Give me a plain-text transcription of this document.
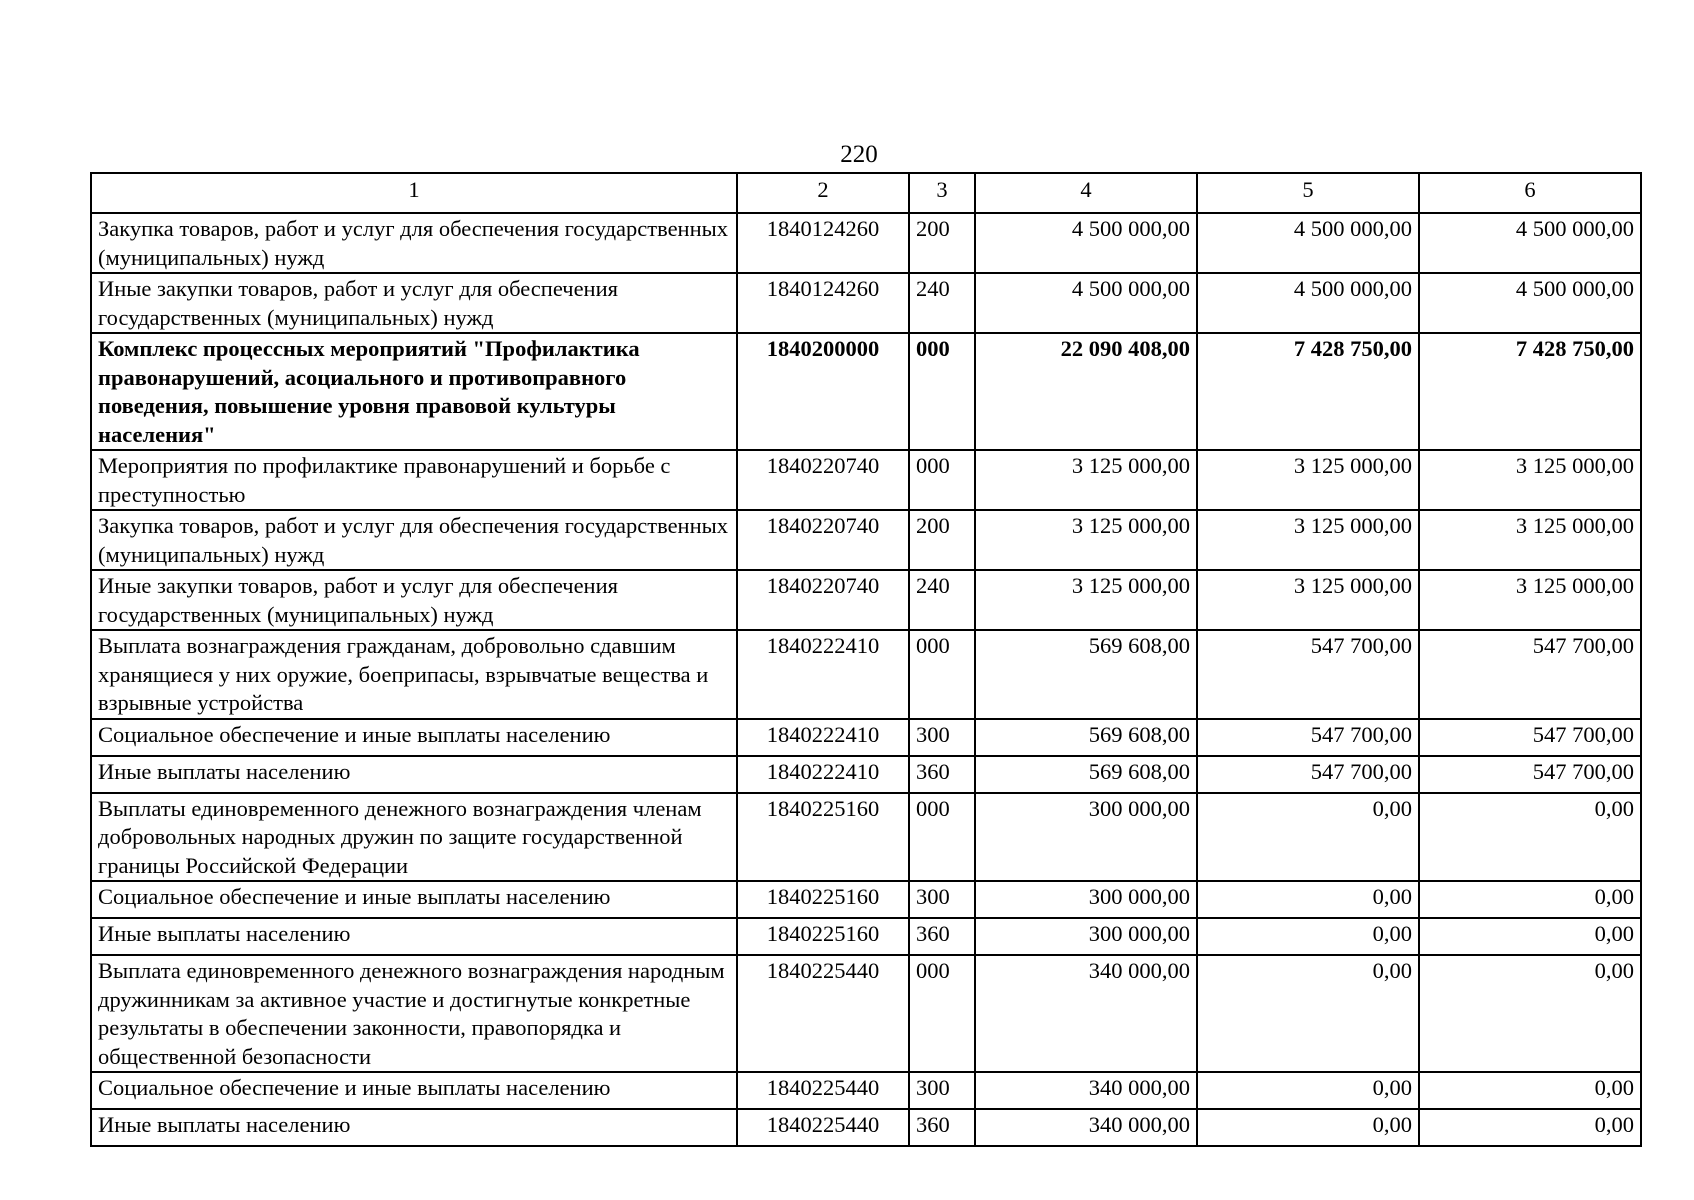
220
1	2	3	4	5	6
Закупка товаров, работ и услуг для обеспечения государственных (муниципальных) нужд	1840124260	200	4 500 000,00	4 500 000,00	4 500 000,00
Иные закупки товаров, работ и услуг для обеспечения государственных (муниципальных) нужд	1840124260	240	4 500 000,00	4 500 000,00	4 500 000,00
Комплекс процессных мероприятий "Профилактика правонарушений, асоциального и противоправного поведения, повышение уровня правовой культуры населения"	1840200000	000	22 090 408,00	7 428 750,00	7 428 750,00
Мероприятия по профилактике правонарушений и борьбе с преступностью	1840220740	000	3 125 000,00	3 125 000,00	3 125 000,00
Закупка товаров, работ и услуг для обеспечения государственных (муниципальных) нужд	1840220740	200	3 125 000,00	3 125 000,00	3 125 000,00
Иные закупки товаров, работ и услуг для обеспечения государственных (муниципальных) нужд	1840220740	240	3 125 000,00	3 125 000,00	3 125 000,00
Выплата вознаграждения гражданам, добровольно сдавшим хранящиеся у них оружие, боеприпасы, взрывчатые вещества и взрывные устройства	1840222410	000	569 608,00	547 700,00	547 700,00
Социальное обеспечение и иные выплаты населению	1840222410	300	569 608,00	547 700,00	547 700,00
Иные выплаты населению	1840222410	360	569 608,00	547 700,00	547 700,00
Выплаты единовременного денежного вознаграждения членам добровольных народных дружин по защите государственной границы Российской Федерации	1840225160	000	300 000,00	0,00	0,00
Социальное обеспечение и иные выплаты населению	1840225160	300	300 000,00	0,00	0,00
Иные выплаты населению	1840225160	360	300 000,00	0,00	0,00
Выплата единовременного денежного вознаграждения народным дружинникам за активное участие и достигнутые конкретные результаты в обеспечении законности, правопорядка и общественной безопасности	1840225440	000	340 000,00	0,00	0,00
Социальное обеспечение и иные выплаты населению	1840225440	300	340 000,00	0,00	0,00
Иные выплаты населению	1840225440	360	340 000,00	0,00	0,00
